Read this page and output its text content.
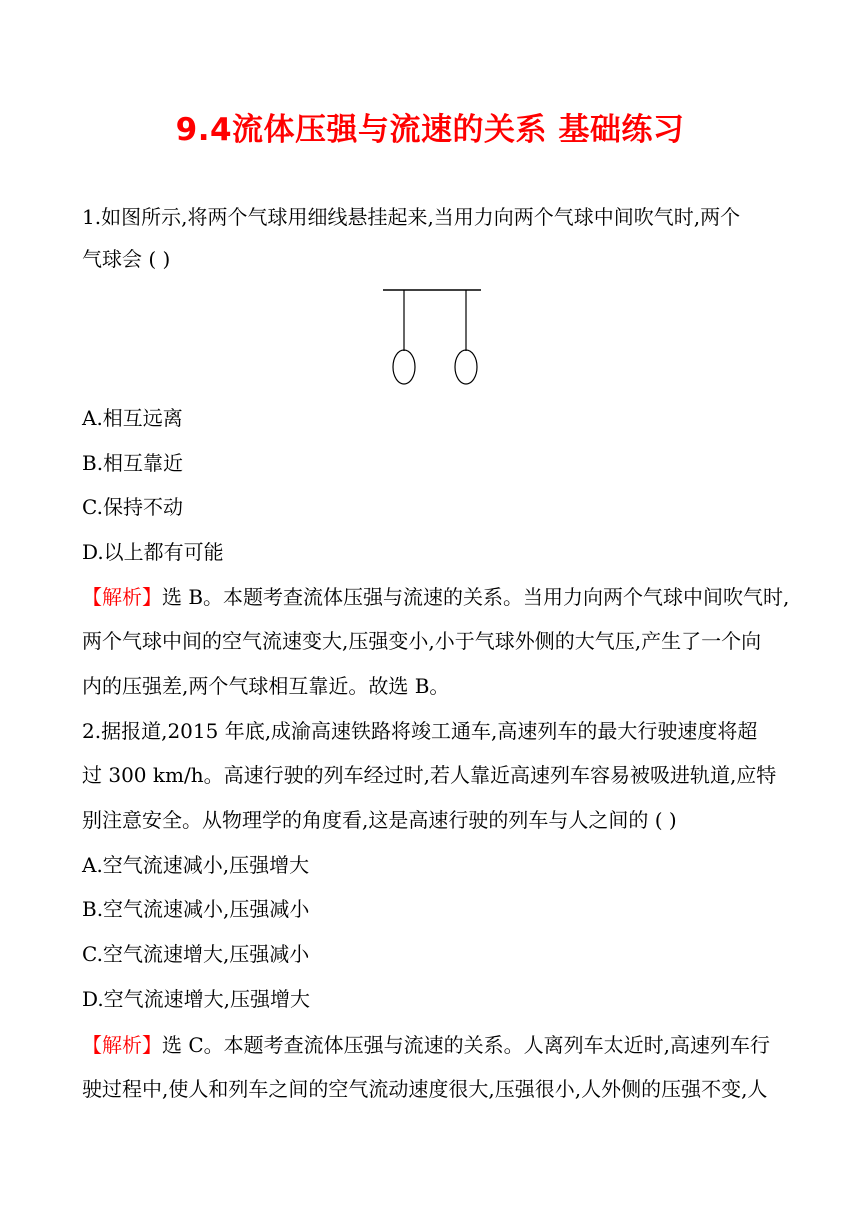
9.4流体压强与流速的关系 基础练习
1.如图所示,将两个气球用细线悬挂起来,当用力向两个气球中间吹气时,两个
气球会 ( )
A.相互远离
B.相互靠近
C.保持不动
D.以上都有可能
【解析】选 B。本题考查流体压强与流速的关系。当用力向两个气球中间吹气时,
两个气球中间的空气流速变大,压强变小,小于气球外侧的大气压,产生了一个向
内的压强差,两个气球相互靠近。故选 B。
2.据报道,2015 年底,成渝高速铁路将竣工通车,高速列车的最大行驶速度将超
过 300 km/h。高速行驶的列车经过时,若人靠近高速列车容易被吸进轨道,应特
别注意安全。从物理学的角度看,这是高速行驶的列车与人之间的 ( )
A.空气流速减小,压强增大
B.空气流速减小,压强减小
C.空气流速增大,压强减小
D.空气流速增大,压强增大
【解析】选 C。本题考查流体压强与流速的关系。人离列车太近时,高速列车行
驶过程中,使人和列车之间的空气流动速度很大,压强很小,人外侧的压强不变,人
